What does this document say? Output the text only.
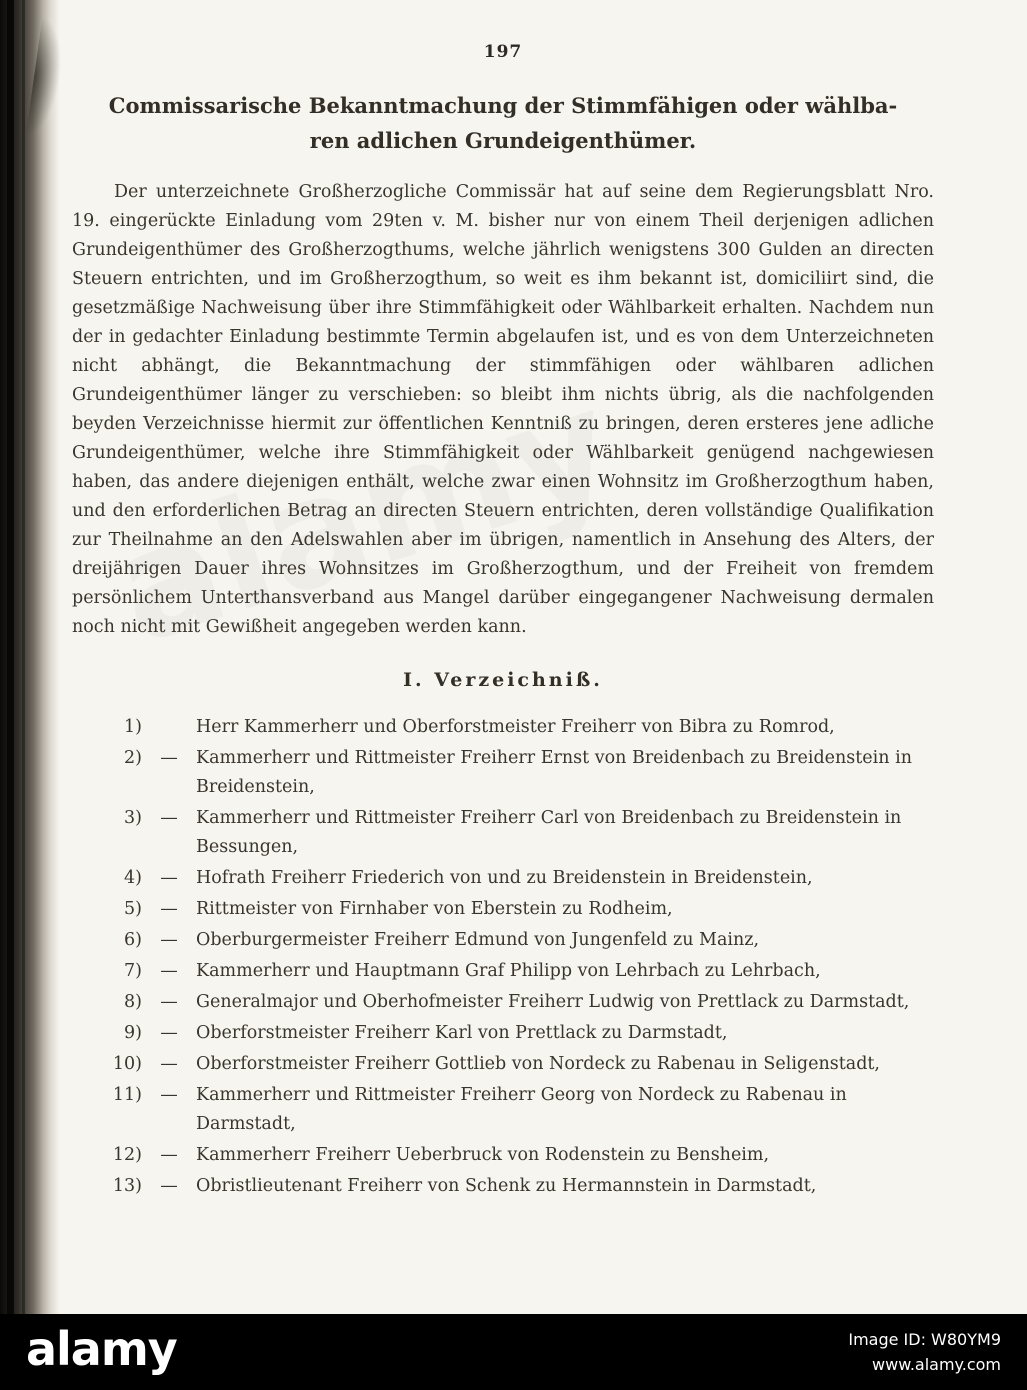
197
Commissarische Bekanntmachung der Stimmfähigen oder wählba-
ren adlichen Grundeigenthümer.
Der unterzeichnete Großherzogliche Commissär hat auf seine dem Regierungsblatt Nro. 19. eingerückte Einladung vom 29ten v. M. bisher nur von einem Theil derjenigen adlichen Grundeigenthümer des Großherzogthums, welche jährlich wenigstens 300 Gulden an directen Steuern entrichten, und im Großherzogthum, so weit es ihm bekannt ist, domiciliirt sind, die gesetzmäßige Nachweisung über ihre Stimmfähigkeit oder Wählbarkeit erhalten. Nachdem nun der in gedachter Einladung bestimmte Termin abgelaufen ist, und es von dem Unterzeichneten nicht abhängt, die Bekanntmachung der stimmfähigen oder wählbaren adlichen Grundeigenthümer länger zu verschieben: so bleibt ihm nichts übrig, als die nachfolgenden beyden Verzeichnisse hiermit zur öffentlichen Kenntniß zu bringen, deren ersteres jene adliche Grundeigenthümer, welche ihre Stimmfähigkeit oder Wählbarkeit genügend nachgewiesen haben, das andere diejenigen enthält, welche zwar einen Wohnsitz im Großherzogthum haben, und den erforderlichen Betrag an directen Steuern entrichten, deren vollständige Qualifikation zur Theilnahme an den Adelswahlen aber im übrigen, namentlich in Ansehung des Alters, der dreijährigen Dauer ihres Wohnsitzes im Großherzogthum, und der Freiheit von fremdem persönlichem Unterthansverband aus Mangel darüber eingegangener Nachweisung dermalen noch nicht mit Gewißheit angegeben werden kann.
I. Verzeichniß.
1)	Herr Kammerherr und Oberforstmeister Freiherr von Bibra zu Romrod,
2)	—	Kammerherr und Rittmeister Freiherr Ernst von Breidenbach zu Breidenstein in Breidenstein,
3)	—	Kammerherr und Rittmeister Freiherr Carl von Breidenbach zu Breidenstein in Bessungen,
4)	—	Hofrath Freiherr Friederich von und zu Breidenstein in Breidenstein,
5)	—	Rittmeister von Firnhaber von Eberstein zu Rodheim,
6)	—	Oberburgermeister Freiherr Edmund von Jungenfeld zu Mainz,
7)	—	Kammerherr und Hauptmann Graf Philipp von Lehrbach zu Lehrbach,
8)	—	Generalmajor und Oberhofmeister Freiherr Ludwig von Prettlack zu Darmstadt,
9)	—	Oberforstmeister Freiherr Karl von Prettlack zu Darmstadt,
10)	—	Oberforstmeister Freiherr Gottlieb von Nordeck zu Rabenau in Seligenstadt,
11)	—	Kammerherr und Rittmeister Freiherr Georg von Nordeck zu Rabenau in Darmstadt,
12)	—	Kammerherr Freiherr Ueberbruck von Rodenstein zu Bensheim,
13)	—	Obristlieutenant Freiherr von Schenk zu Hermannstein in Darmstadt,
alamy	Image ID: W80YM9
www.alamy.com
